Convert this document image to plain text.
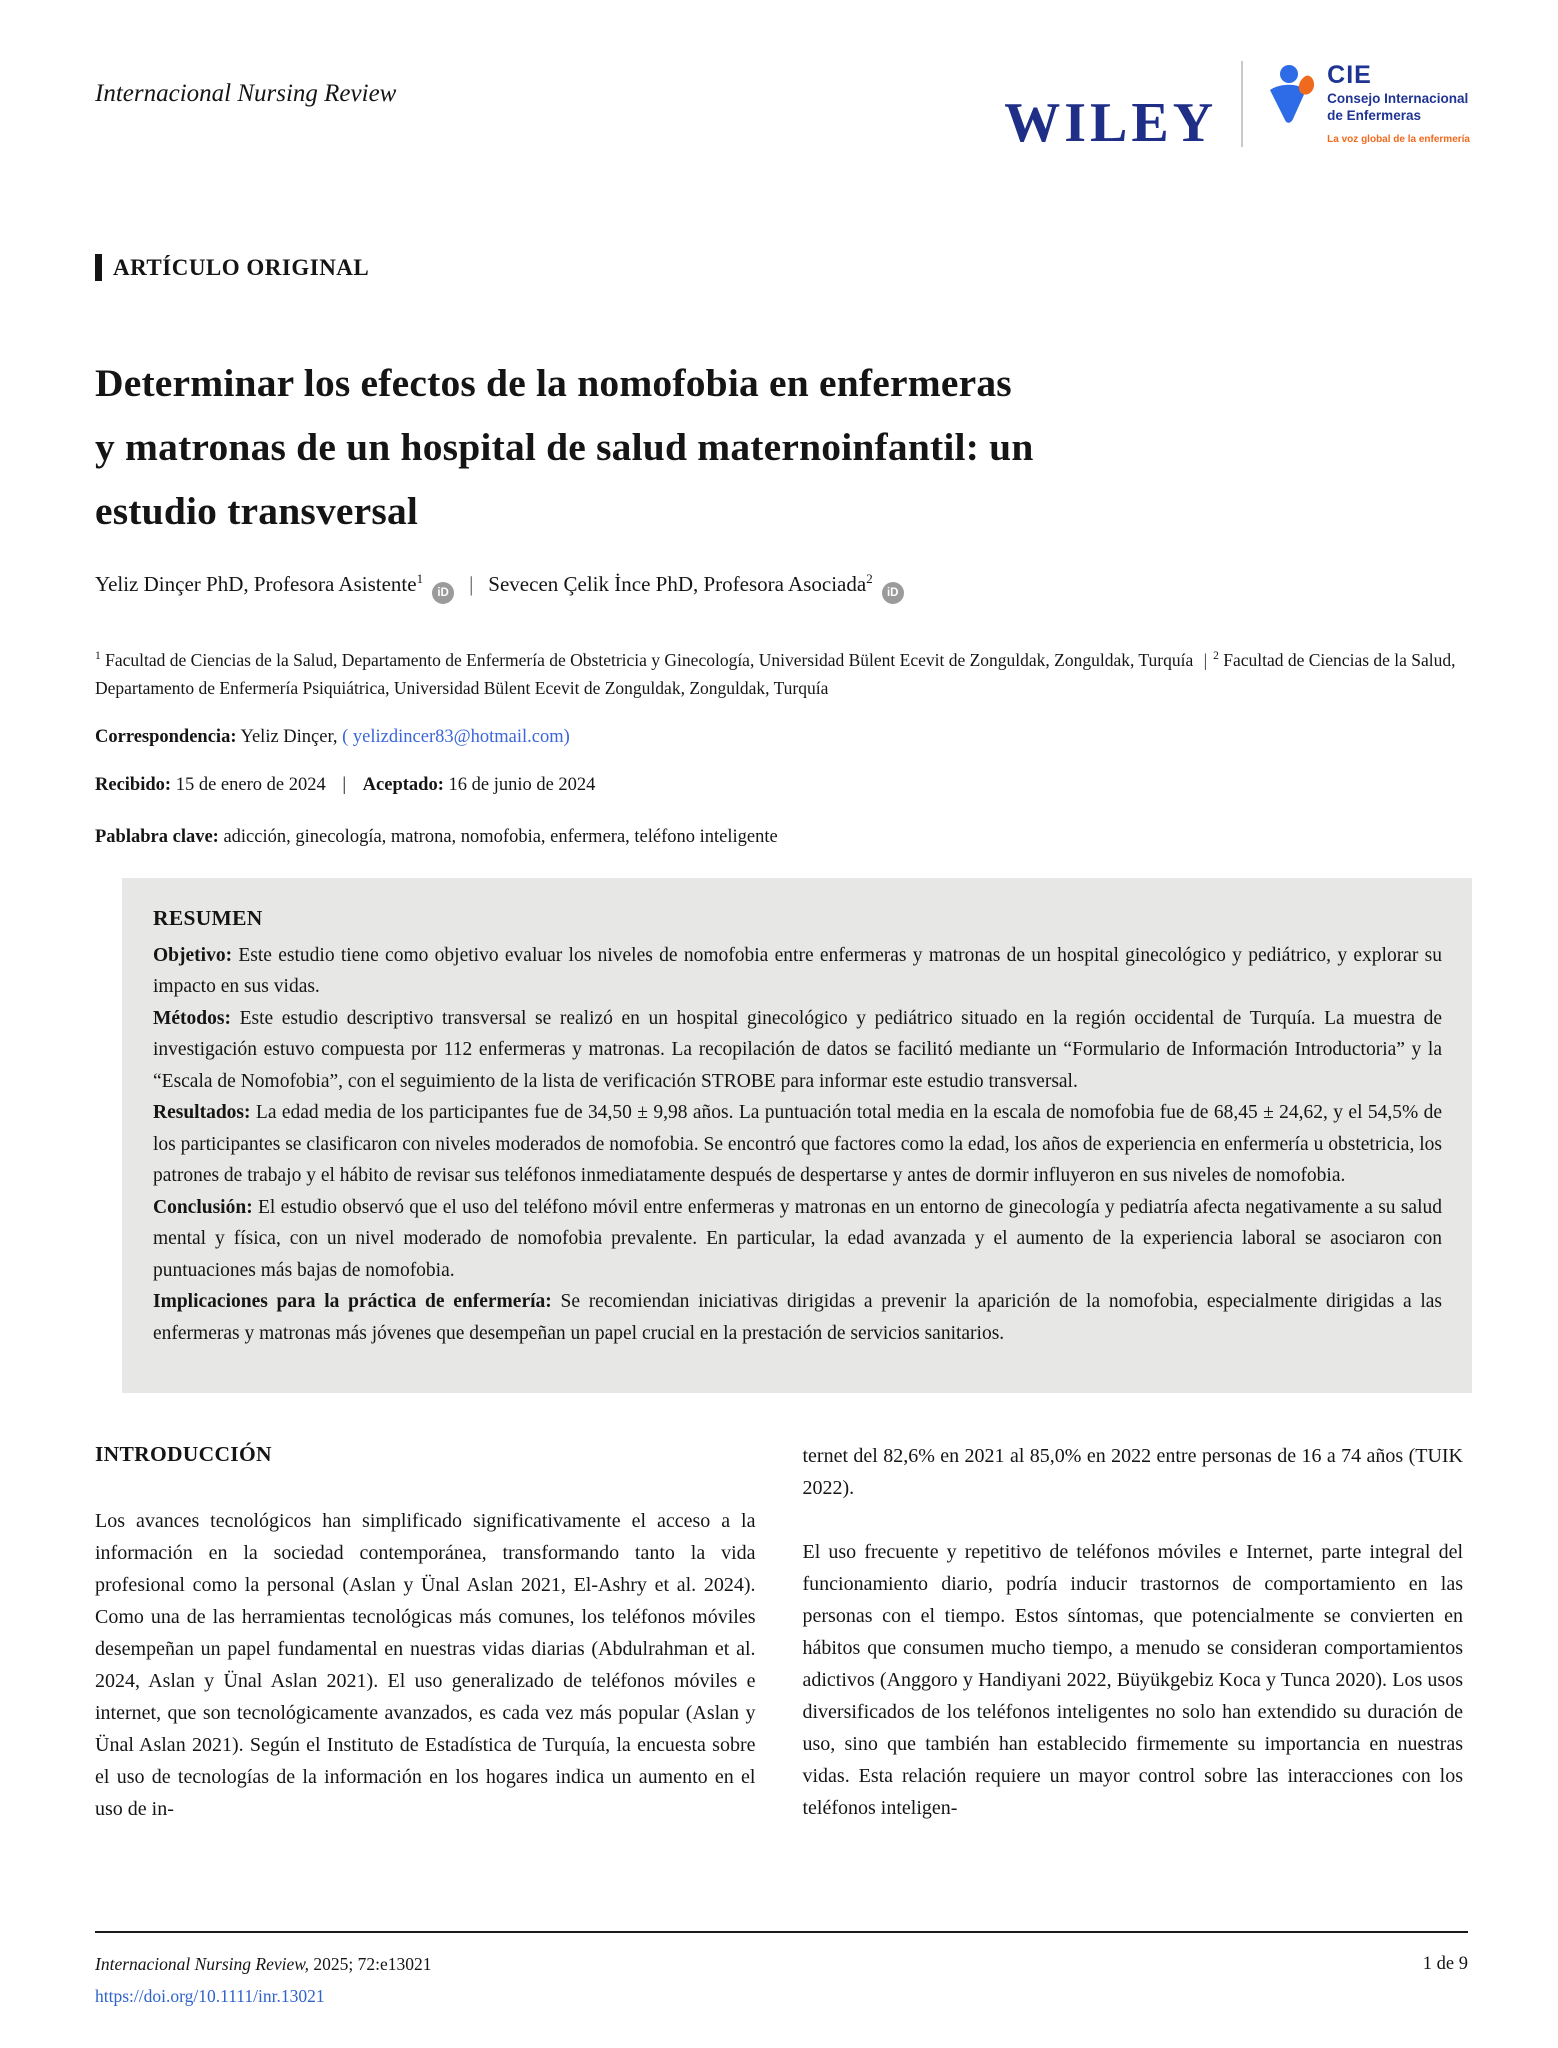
Internacional Nursing Review	WILEY
CIE
Consejo Internacional
de Enfermeras
La voz global de la enfermería
ARTÍCULO ORIGINAL
Determinar los efectos de la nomofobia en enfermeras y matronas de un hospital de salud maternoinfantil: un estudio transversal
Yeliz Dinçer PhD, Profesora Asistente$^1$iD | Sevecen Çelik İnce PhD, Profesora Asociada$^2$iD

$^1$ Facultad de Ciencias de la Salud, Departamento de Enfermería de Obstetricia y Ginecología, Universidad Bülent Ecevit de Zonguldak, Zonguldak, Turquía | $^2$ Facultad de Ciencias de la Salud, Departamento de Enfermería Psiquiátrica, Universidad Bülent Ecevit de Zonguldak, Zonguldak, Turquía

Correspondencia: Yeliz Dinçer, ( yelizdincer83@hotmail.com)

Recibido: 15 de enero de 2024 | Aceptado: 16 de junio de 2024

Pablabra clave: adicción, ginecología, matrona, nomofobia, enfermera, teléfono inteligente

RESUMEN

Objetivo: Este estudio tiene como objetivo evaluar los niveles de nomofobia entre enfermeras y matronas de un hospital ginecológico y pediátrico, y explorar su impacto en sus vidas.

Métodos: Este estudio descriptivo transversal se realizó en un hospital ginecológico y pediátrico situado en la región occidental de Turquía. La muestra de investigación estuvo compuesta por 112 enfermeras y matronas. La recopilación de datos se facilitó mediante un “Formulario de Información Introductoria” y la “Escala de Nomofobia”, con el seguimiento de la lista de verificación STROBE para informar este estudio transversal.

Resultados: La edad media de los participantes fue de 34,50 ± 9,98 años. La puntuación total media en la escala de nomofobia fue de 68,45 ± 24,62, y el 54,5% de los participantes se clasificaron con niveles moderados de nomofobia. Se encontró que factores como la edad, los años de experiencia en enfermería u obstetricia, los patrones de trabajo y el hábito de revisar sus teléfonos inmediatamente después de despertarse y antes de dormir influyeron en sus niveles de nomofobia.

Conclusión: El estudio observó que el uso del teléfono móvil entre enfermeras y matronas en un entorno de ginecología y pediatría afecta negativamente a su salud mental y física, con un nivel moderado de nomofobia prevalente. En particular, la edad avanzada y el aumento de la experiencia laboral se asociaron con puntuaciones más bajas de nomofobia.

Implicaciones para la práctica de enfermería: Se recomiendan iniciativas dirigidas a prevenir la aparición de la nomofobia, especialmente dirigidas a las enfermeras y matronas más jóvenes que desempeñan un papel crucial en la prestación de servicios sanitarios.

INTRODUCCIÓN

Los avances tecnológicos han simplificado significativamente el acceso a la información en la sociedad contemporánea, transformando tanto la vida profesional como la personal (Aslan y Ünal Aslan 2021, El-Ashry et al. 2024). Como una de las herramientas tecnológicas más comunes, los teléfonos móviles desempeñan un papel fundamental en nuestras vidas diarias (Abdulrahman et al. 2024, Aslan y Ünal Aslan 2021). El uso generalizado de teléfonos móviles e internet, que son tecnológicamente avanzados, es cada vez más popular (Aslan y Ünal Aslan 2021). Según el Instituto de Estadística de Turquía, la encuesta sobre el uso de tecnologías de la información en los hogares indica un aumento en el uso de in-

ternet del 82,6% en 2021 al 85,0% en 2022 entre personas de 16 a 74 años (TUIK 2022).

El uso frecuente y repetitivo de teléfonos móviles e Internet, parte integral del funcionamiento diario, podría inducir trastornos de comportamiento en las personas con el tiempo. Estos síntomas, que potencialmente se convierten en hábitos que consumen mucho tiempo, a menudo se consideran comportamientos adictivos (Anggoro y Handiyani 2022, Büyükgebiz Koca y Tunca 2020). Los usos diversificados de los teléfonos inteligentes no solo han extendido su duración de uso, sino que también han establecido firmemente su importancia en nuestras vidas. Esta relación requiere un mayor control sobre las interacciones con los teléfonos inteligen-

Internacional Nursing Review, 2025; 72:e13021
https://doi.org/10.1111/inr.13021
1 de 9
